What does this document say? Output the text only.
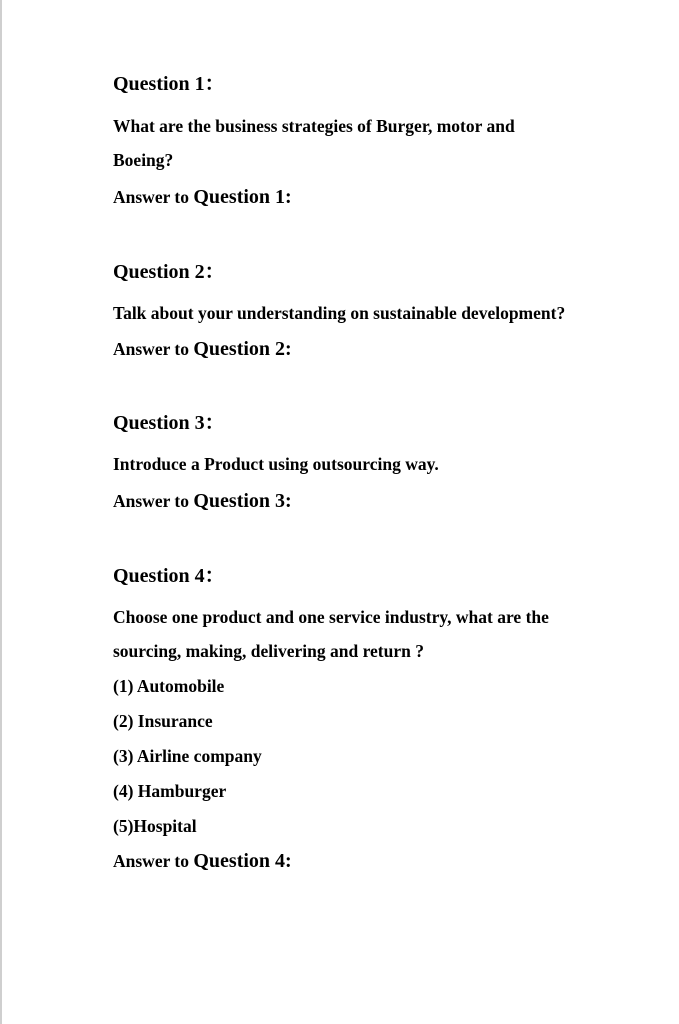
Question 1：
What are the business strategies of Burger, motor and
Boeing?
Answer to Question 1:
Question 2：
Talk about your understanding on sustainable development?
Answer to Question 2:
Question 3：
Introduce a Product using outsourcing way.
Answer to Question 3:
Question 4：
Choose one product and one service industry, what are the
sourcing, making, delivering and return ?
(1) Automobile
(2) Insurance
(3) Airline company
(4) Hamburger
(5)Hospital
Answer to Question 4:
